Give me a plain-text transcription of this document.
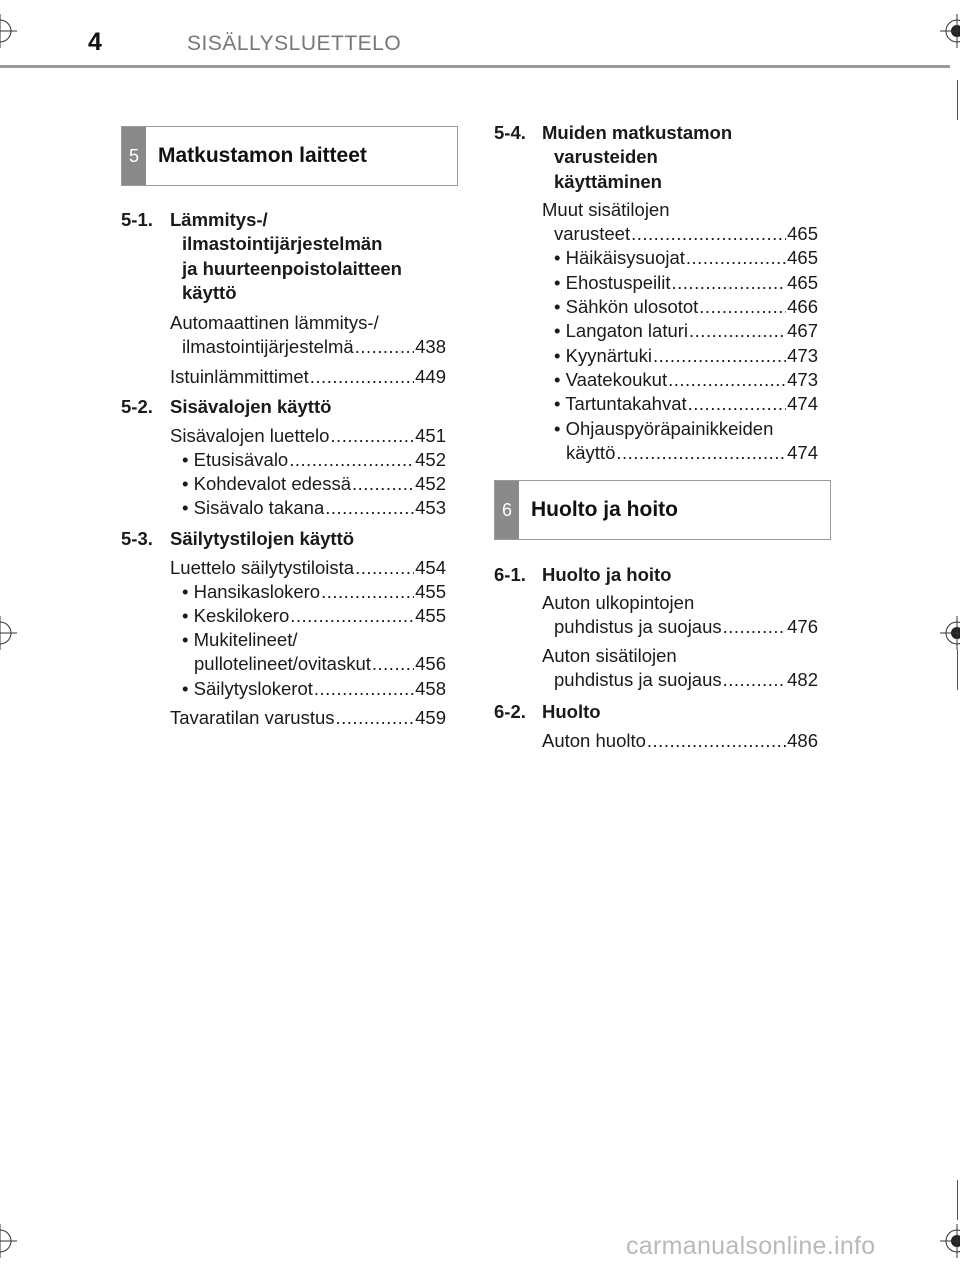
4	SISÄLLYSLUETTELO
5 Matkustamon laitteet
5-1. Lämmitys-/
ilmastointijärjestelmän
ja huurteenpoistolaitteen
käyttö
Automaattinen lämmitys-/
ilmastointijärjestelmä .....	438
Istuinlämmittimet .....	449
5-2. Sisävalojen käyttö
Sisävalojen luettelo .....	451
• Etusisävalo .....	452
• Kohdevalot edessä .....	452
• Sisävalo takana .....	453
5-3. Säilytystilojen käyttö
Luettelo säilytystiloista .....	454
• Hansikaslokero .....	455
• Keskilokero .....	455
• Mukitelineet/
pullotelineet/ovitaskut ..... 456
• Säilytyslokerot .....	458
Tavaratilan varustus .....	459
5-4. Muiden matkustamon
varusteiden
käyttäminen
Muut sisätilojen
varusteet .....	465
• Häikäisysuojat .....	465
• Ehostuspeilit .....	465
• Sähkön ulosotot .....	466
• Langaton laturi .....	467
• Kyynärtuki .....	473
• Vaatekoukut .....	473
• Tartuntakahvat .....	474
• Ohjauspyöräpainikkeiden
käyttö .....	474
6 Huolto ja hoito
6-1. Huolto ja hoito
Auton ulkopintojen
puhdistus ja suojaus .....	476
Auton sisätilojen
puhdistus ja suojaus .....	482
6-2. Huolto
Auton huolto .....	486
carmanualsonline.info
